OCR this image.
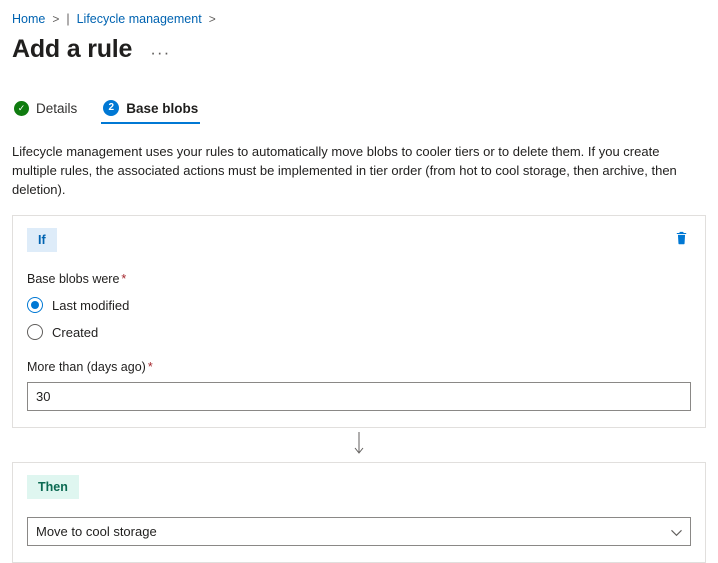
Home > | Lifecycle management >
Add a rule ···
✓ Details	2 Base blobs
Lifecycle management uses your rules to automatically move blobs to cooler tiers or to delete them. If you create multiple rules, the associated actions must be implemented in tier order (from hot to cool storage, then archive, then deletion).
If
Base blobs were *
Last modified
Created
More than (days ago) *
30
Then
Move to cool storage
